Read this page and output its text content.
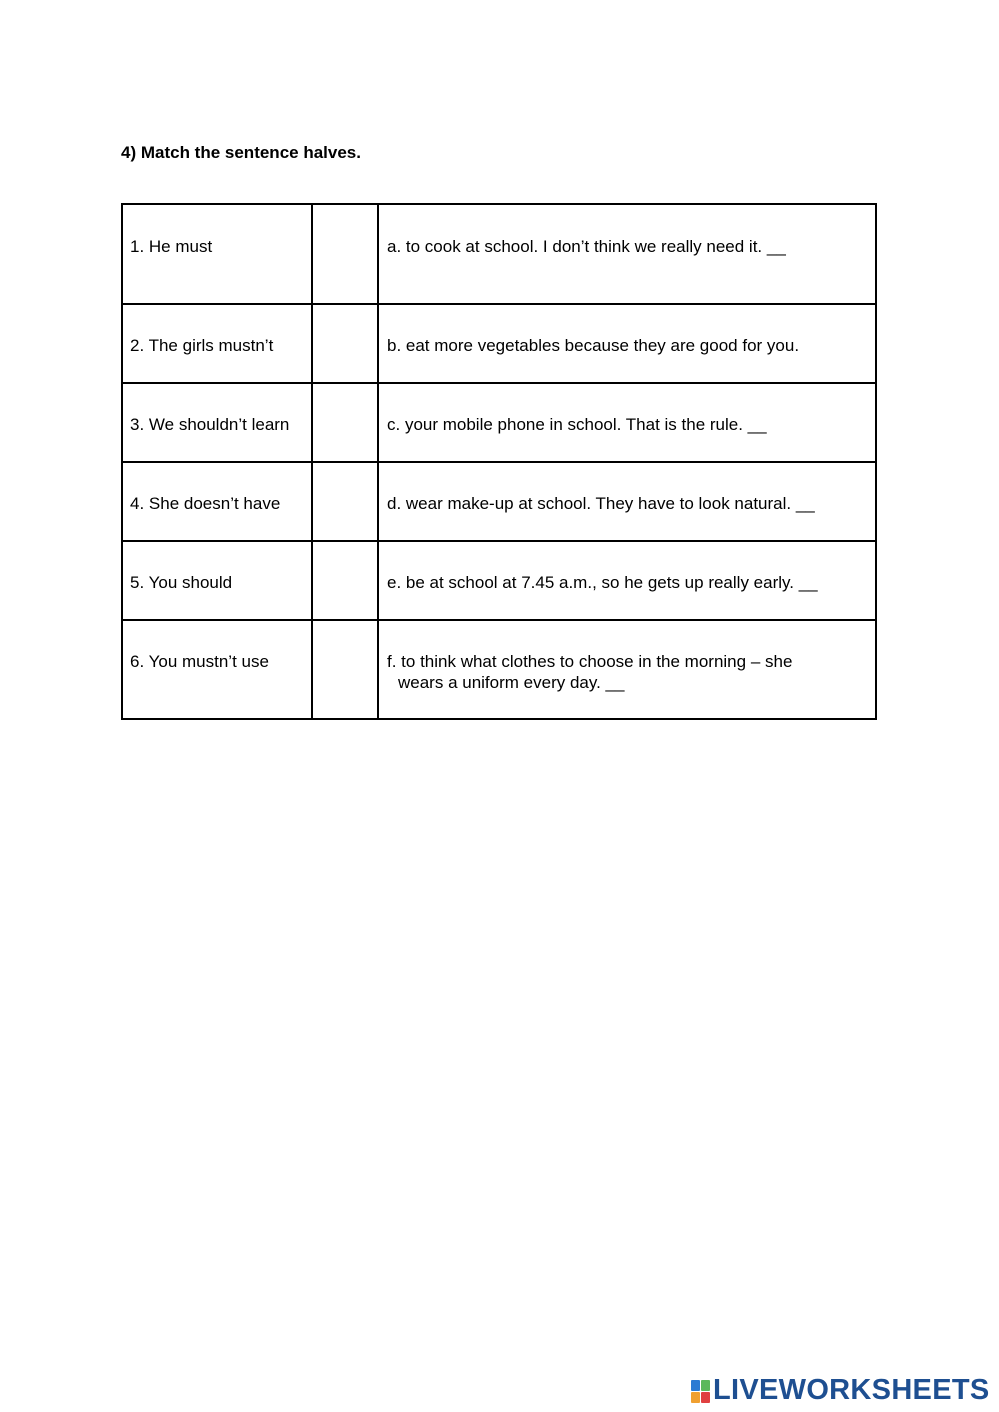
4) Match the sentence halves.
1. He must		a. to cook at school. I don’t think we really need it. __

2. The girls mustn’t		b. eat more vegetables because they are good for you.

3. We shouldn’t learn		c. your mobile phone in school. That is the rule. __

4. She doesn’t have		d. wear make-up at school. They have to look natural. __

5. You should		e. be at school at 7.45 a.m., so he gets up really early. __

6. You mustn’t use		f. to think what clothes to choose in the morning – she
wears a uniform every day. __
LIVEWORKSHEETS
